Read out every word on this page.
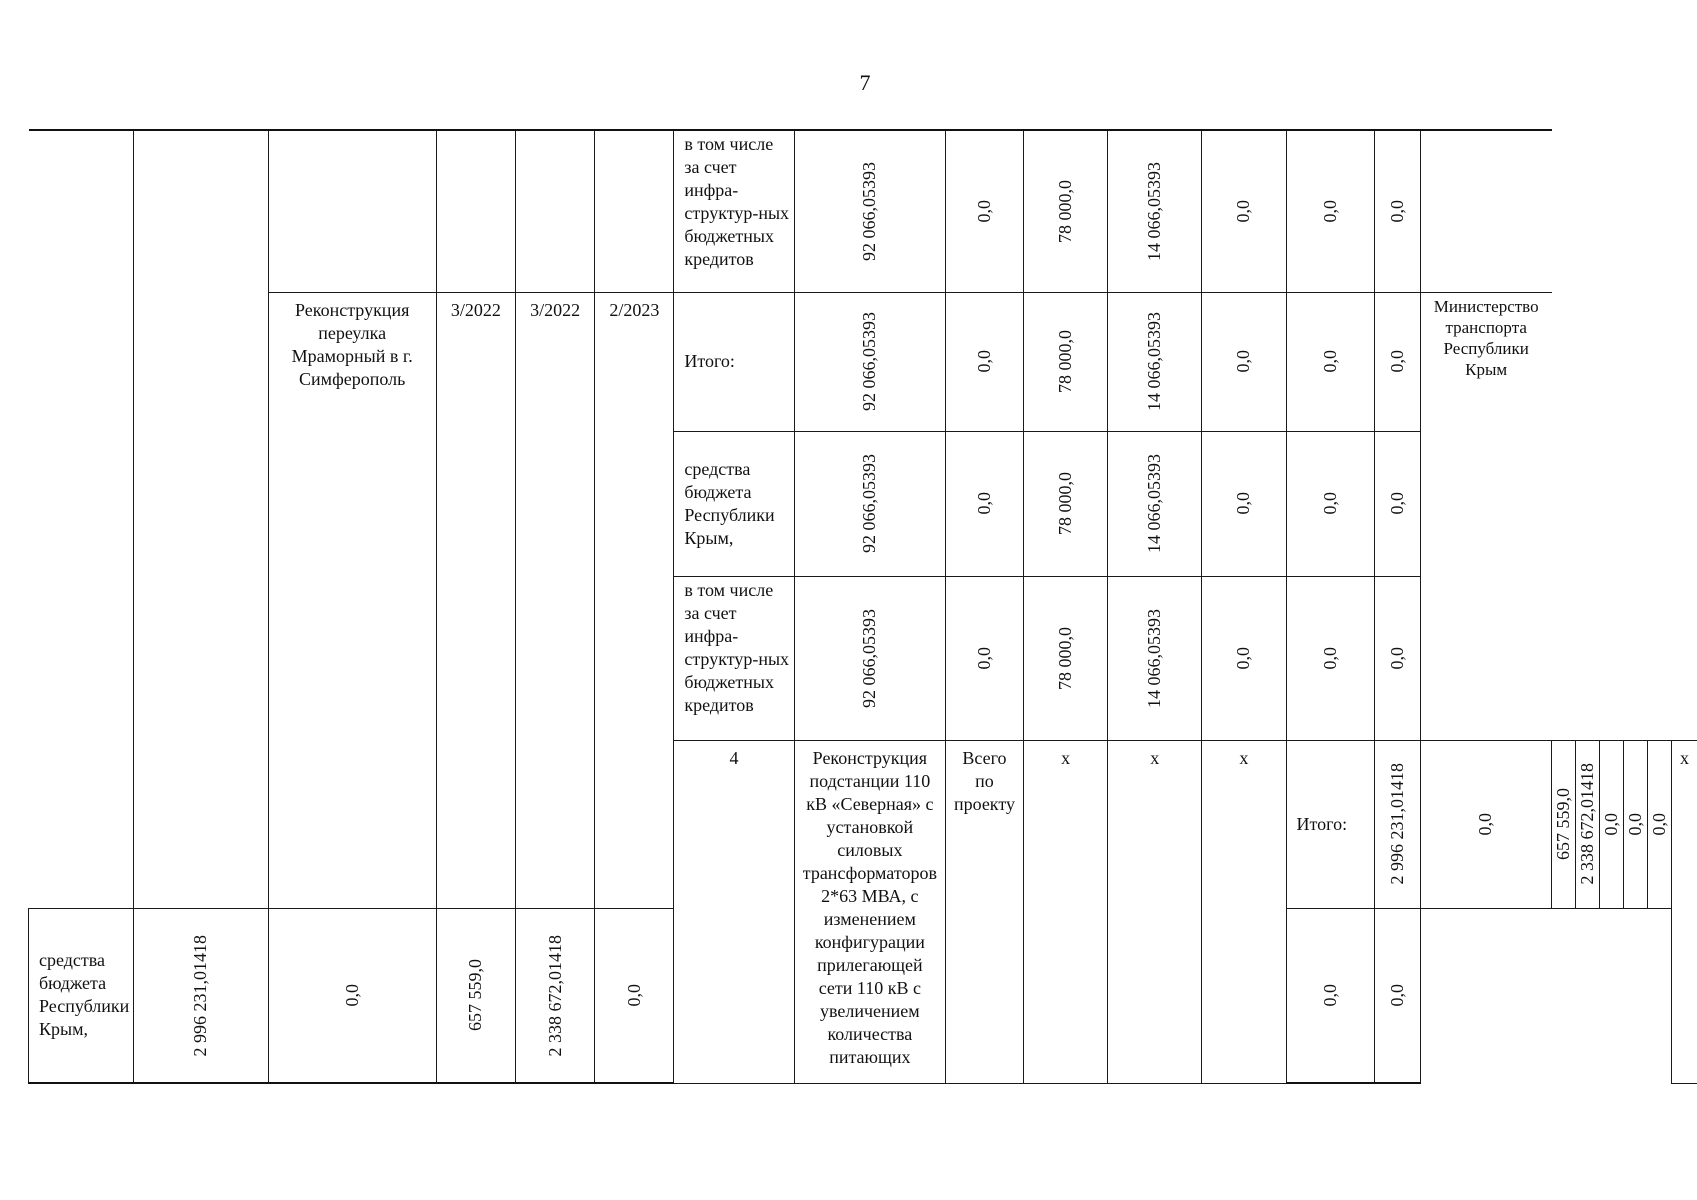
7

						в том числе за счет инфра-структур-ных бюджетных кредитов	92 066,05393	0,0	78 000,0	14 066,05393	0,0	0,0	0,0							

		Реконструкция переулка Мраморный в г. Симферополь	3/2022	3/2022	2/2023	Итого:	92 066,05393	0,0	78 000,0	14 066,05393	0,0	0,0	0,0	Министерство транспорта Республики Крым						

						средства бюджета Республики Крым,	92 066,05393	0,0	78 000,0	14 066,05393	0,0	0,0	0,0							

						в том числе за счет инфра-структур-ных бюджетных кредитов	92 066,05393	0,0	78 000,0	14 066,05393	0,0	0,0	0,0							

						4	Реконструкция подстанции 110 кВ «Северная» с установкой силовых трансформаторов 2*63 МВА, с изменением конфигурации прилегающей сети 110 кВ с увеличением количества питающих	Всего по проекту	x	x	x	Итого:	2 996 231,01418	0,0	657 559,0	2 338 672,01418	0,0	0,0	0,0	x

средства бюджета Республики Крым,	2 996 231,01418	0,0	657 559,0	2 338 672,01418	0,0							0,0	0,0							
